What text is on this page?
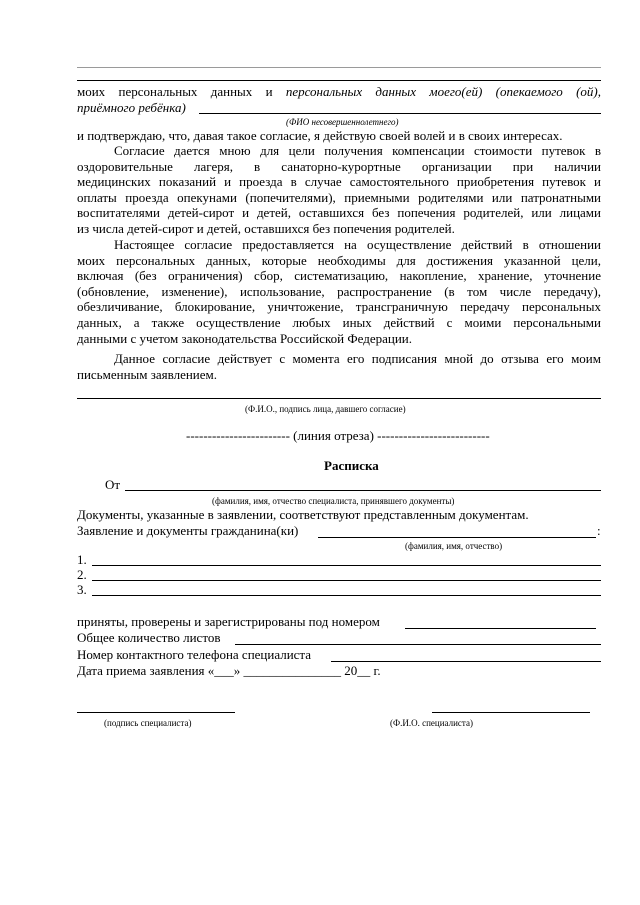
моих персональных данных и персональных данных моего(ей) (опекаемого (ой),
приёмного ребёнка)
(ФИО несовершеннолетнего)
и подтверждаю, что, давая такое согласие, я действую своей волей и в своих интересах.
Согласие дается мною для цели получения компенсации стоимости путевок в
оздоровительные лагеря, в санаторно-курортные организации при наличии
медицинских показаний и проезда в случае самостоятельного приобретения путевок и
оплаты проезда опекунами (попечителями), приемными родителями или патронатными
воспитателями детей-сирот и детей, оставшихся без попечения родителей, или лицами
из числа детей-сирот и детей, оставшихся без попечения родителей.
Настоящее согласие предоставляется на осуществление действий в отношении
моих персональных данных, которые необходимы для достижения указанной цели,
включая (без ограничения) сбор, систематизацию, накопление, хранение, уточнение
(обновление, изменение), использование, распространение (в том числе передачу),
обезличивание, блокирование, уничтожение, трансграничную передачу персональных
данных, а также осуществление любых иных действий с моими персональными
данными с учетом законодательства Российской Федерации.
Данное согласие действует с момента его подписания мной до отзыва его моим
письменным заявлением.
(Ф.И.О., подпись лица, давшего согласие)
------------------------ (линия отреза) --------------------------
Расписка
От
(фамилия, имя, отчество специалиста, принявшего документы)
Документы, указанные в заявлении, соответствуют представленным документам.
Заявление и документы гражданина(ки)	:
(фамилия, имя, отчество)
1.
2.
3.
приняты, проверены и зарегистрированы под номером
Общее количество листов
Номер контактного телефона специалиста
Дата приема заявления «___» _______________ 20__ г.
(подпись специалиста)	(Ф.И.О. специалиста)
